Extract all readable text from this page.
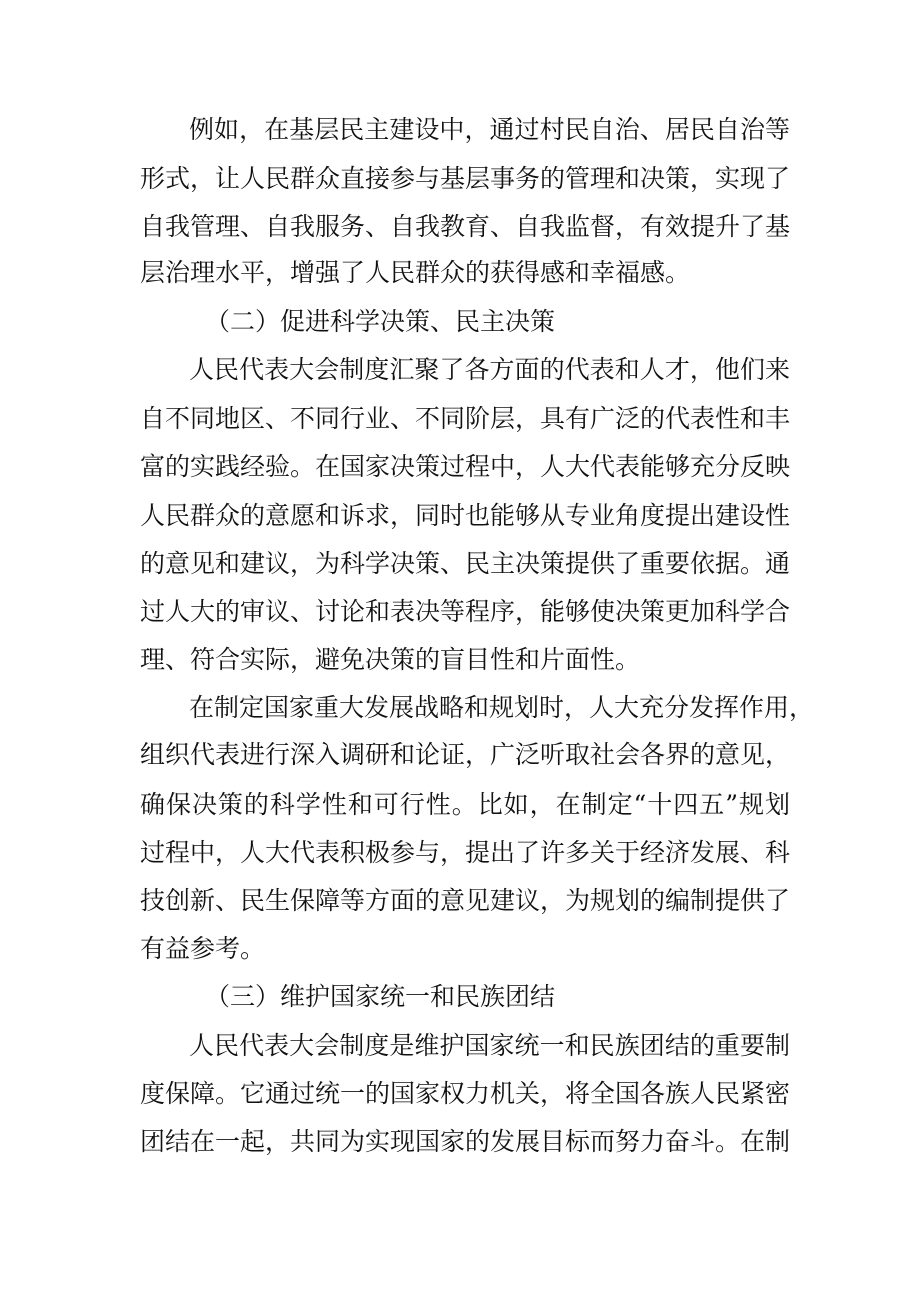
例如，在基层民主建设中，通过村民自治、居民自治等
形式，让人民群众直接参与基层事务的管理和决策，实现了
自我管理、自我服务、自我教育、自我监督，有效提升了基
层治理水平，增强了人民群众的获得感和幸福感。
（二）促进科学决策、民主决策
人民代表大会制度汇聚了各方面的代表和人才，他们来
自不同地区、不同行业、不同阶层，具有广泛的代表性和丰
富的实践经验。在国家决策过程中，人大代表能够充分反映
人民群众的意愿和诉求，同时也能够从专业角度提出建设性
的意见和建议，为科学决策、民主决策提供了重要依据。通
过人大的审议、讨论和表决等程序，能够使决策更加科学合
理、符合实际，避免决策的盲目性和片面性。
在制定国家重大发展战略和规划时，人大充分发挥作用，
组织代表进行深入调研和论证，广泛听取社会各界的意见，
确保决策的科学性和可行性。比如，在制定“十四五”规划
过程中，人大代表积极参与，提出了许多关于经济发展、科
技创新、民生保障等方面的意见建议，为规划的编制提供了
有益参考。
（三）维护国家统一和民族团结
人民代表大会制度是维护国家统一和民族团结的重要制
度保障。它通过统一的国家权力机关，将全国各族人民紧密
团结在一起，共同为实现国家的发展目标而努力奋斗。在制
